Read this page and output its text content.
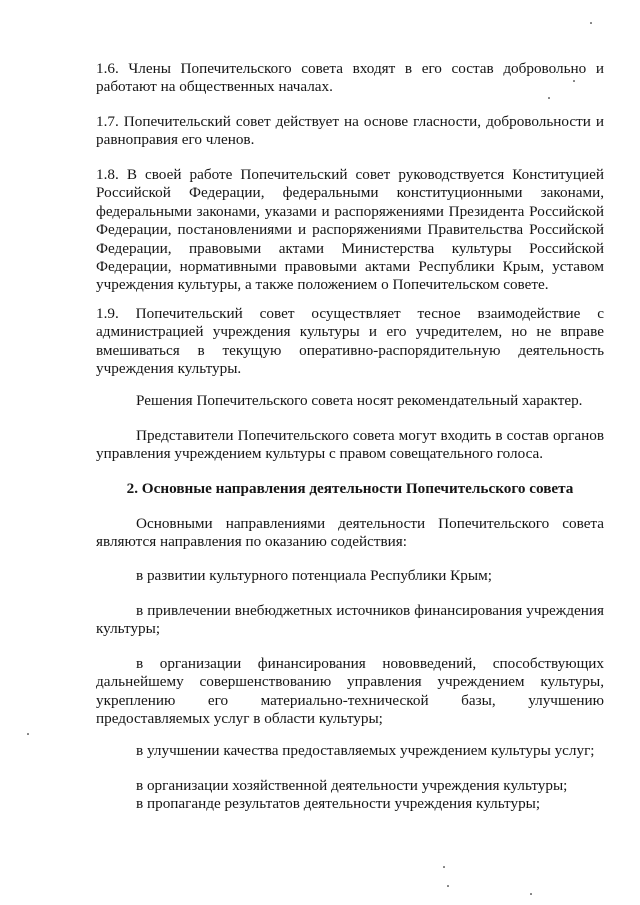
1.6. Члены Попечительского совета входят в его состав добровольно и работают на общественных началах.

1.7. Попечительский совет действует на основе гласности, добровольности и равноправия его членов.

1.8. В своей работе Попечительский совет руководствуется Конституцией Российской Федерации, федеральными конституционными законами, федеральными законами, указами и распоряжениями Президента Российской Федерации, постановлениями и распоряжениями Правительства Российской Федерации, правовыми актами Министерства культуры Российской Федерации, нормативными правовыми актами Республики Крым, уставом учреждения культуры, а также положением о Попечительском совете.

1.9. Попечительский совет осуществляет тесное взаимодействие с администрацией учреждения культуры и его учредителем, но не вправе вмешиваться в текущую оперативно-распорядительную деятельность учреждения культуры.

Решения Попечительского совета носят рекомендательный характер.

Представители Попечительского совета могут входить в состав органов управления учреждением культуры с правом совещательного голоса.

2. Основные направления деятельности Попечительского совета

Основными направлениями деятельности Попечительского совета являются направления по оказанию содействия:

в развитии культурного потенциала Республики Крым;

в привлечении внебюджетных источников финансирования учреждения культуры;

в организации финансирования нововведений, способствующих дальнейшему совершенствованию управления учреждением культуры, укреплению его материально-технической базы, улучшению предоставляемых услуг в области культуры;

в улучшении качества предоставляемых учреждением культуры услуг;

в организации хозяйственной деятельности учреждения культуры;

в пропаганде результатов деятельности учреждения культуры;
